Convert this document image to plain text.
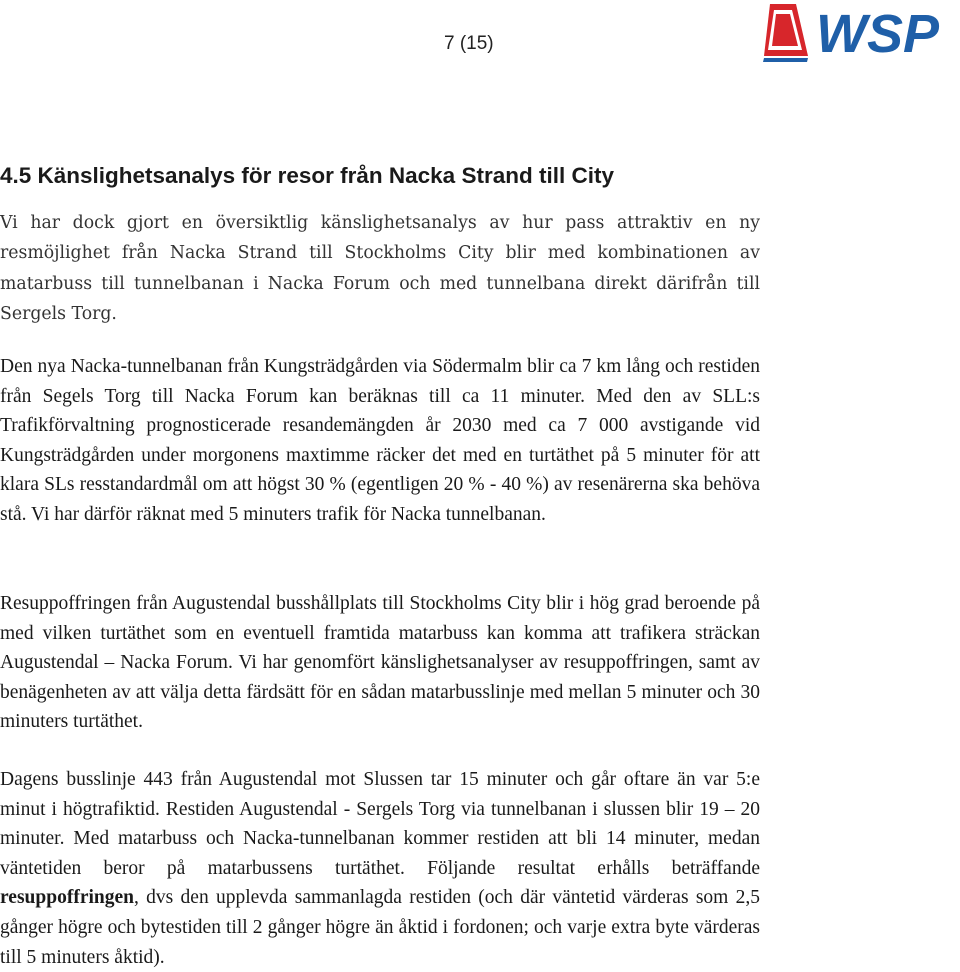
7 (15)	WSP
4.5 Känslighetsanalys för resor från Nacka Strand till City

Vi har dock gjort en översiktlig känslighetsanalys av hur pass attraktiv en ny resmöjlighet från Nacka Strand till Stockholms City blir med kombinationen av matarbuss till tunnelbanan i Nacka Forum och med tunnelbana direkt därifrån till Sergels Torg.

Den nya Nacka-tunnelbanan från Kungsträdgården via Södermalm blir ca 7 km lång och restiden från Segels Torg till Nacka Forum kan beräknas till ca 11 minuter. Med den av SLL:s Trafikförvaltning prognosticerade resandemängden år 2030 med ca 7 000 avstigande vid Kungsträdgården under morgonens maxtimme räcker det med en turtäthet på 5 minuter för att klara SLs resstandardmål om att högst 30 % (egentligen 20 % - 40 %) av resenärerna ska behöva stå. Vi har därför räknat med 5 minuters trafik för Nacka tunnelbanan.

Resuppoffringen från Augustendal busshållplats till Stockholms City blir i hög grad beroende på med vilken turtäthet som en eventuell framtida matarbuss kan komma att trafikera sträckan Augustendal – Nacka Forum. Vi har genomfört känslighetsanalyser av resuppoffringen, samt av benägenheten av att välja detta färdsätt för en sådan matarbusslinje med mellan 5 minuter och 30 minuters turtäthet.

Dagens busslinje 443 från Augustendal mot Slussen tar 15 minuter och går oftare än var 5:e minut i högtrafiktid. Restiden Augustendal - Sergels Torg via tunnelbanan i slussen blir 19 – 20 minuter. Med matarbuss och Nacka-tunnelbanan kommer restiden att bli 14 minuter, medan väntetiden beror på matarbussens turtäthet. Följande resultat erhålls beträffande resuppoffringen, dvs den upplevda sammanlagda restiden (och där väntetid värderas som 2,5 gånger högre och bytestiden till 2 gånger högre än åktid i fordonen; och varje extra byte värderas till 5 minuters åktid).
